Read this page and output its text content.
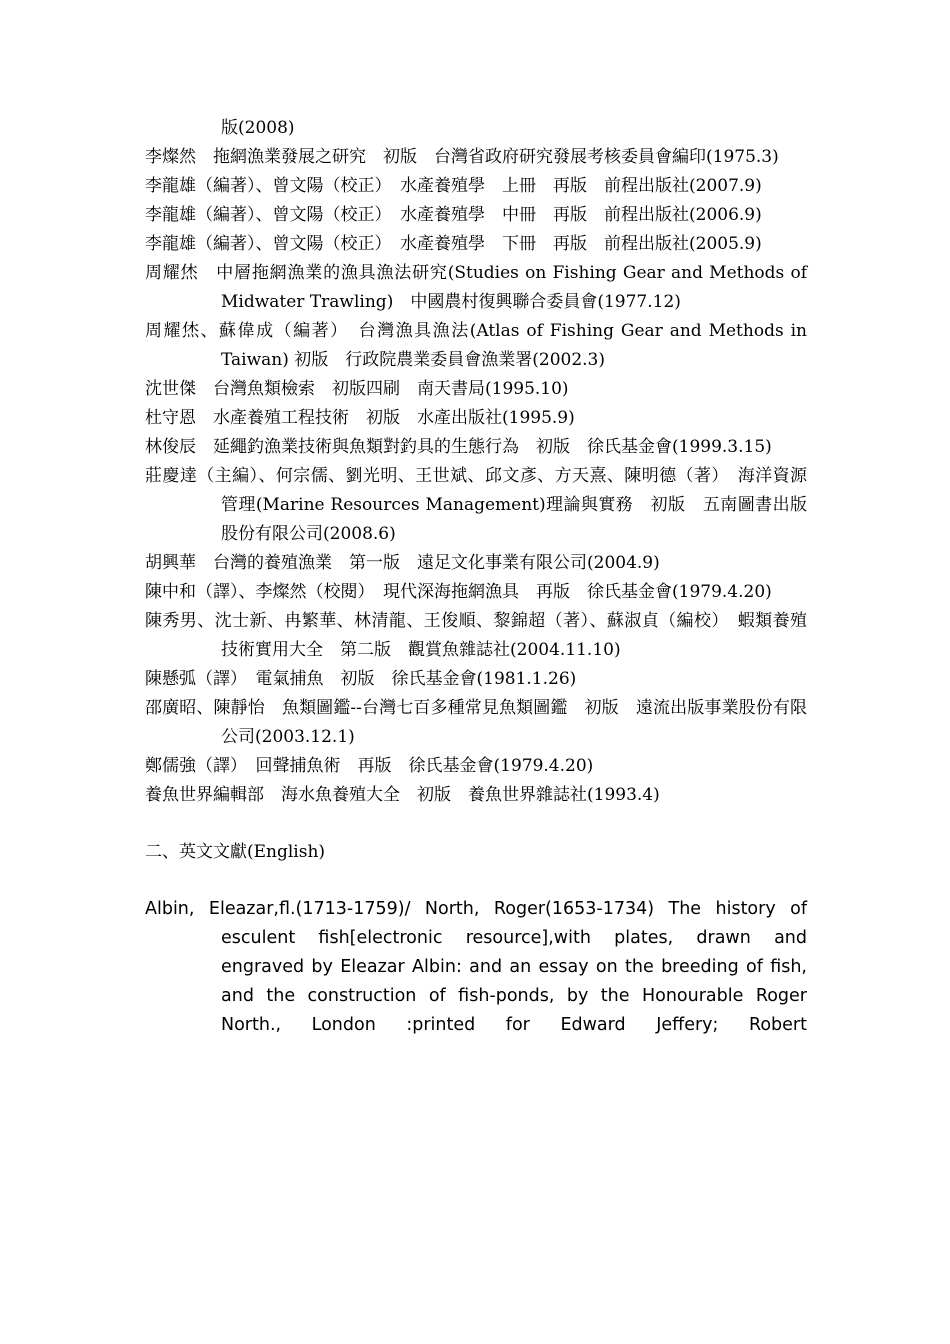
版(2008)

李燦然　拖網漁業發展之研究　初版　台灣省政府研究發展考核委員會編印(1975.3)

李龍雄（編著）、曾文陽（校正）　水產養殖學　上冊　再版　前程出版社(2007.9)

李龍雄（編著）、曾文陽（校正）　水產養殖學　中冊　再版　前程出版社(2006.9)

李龍雄（編著）、曾文陽（校正）　水產養殖學　下冊　再版　前程出版社(2005.9)

周耀烋　中層拖網漁業的漁具漁法研究(Studies on Fishing Gear and Methods of Midwater Trawling)　中國農村復興聯合委員會(1977.12)

周耀烋、蘇偉成（編著）　台灣漁具漁法(Atlas of Fishing Gear and Methods in Taiwan) 初版　行政院農業委員會漁業署(2002.3)

沈世傑　台灣魚類檢索　初版四刷　南天書局(1995.10)

杜守恩　水產養殖工程技術　初版　水產出版社(1995.9)

林俊辰　延繩釣漁業技術與魚類對釣具的生態行為　初版　徐氏基金會(1999.3.15)

莊慶達（主編）、何宗儒、劉光明、王世斌、邱文彥、方天熹、陳明德（著）　海洋資源管理(Marine Resources Management)理論與實務　初版　五南圖書出版股份有限公司(2008.6)

胡興華　台灣的養殖漁業　第一版　遠足文化事業有限公司(2004.9)

陳中和（譯）、李燦然（校閱）　現代深海拖網漁具　再版　徐氏基金會(1979.4.20)

陳秀男、沈士新、冉繁華、林清龍、王俊順、黎錦超（著）、蘇淑貞（編校）　蝦類養殖技術實用大全　第二版　觀賞魚雜誌社(2004.11.10)

陳懸弧（譯）　電氣捕魚　初版　徐氏基金會(1981.1.26)

邵廣昭、陳靜怡　魚類圖鑑--台灣七百多種常見魚類圖鑑　初版　遠流出版事業股份有限公司(2003.12.1)

鄭儒強（譯）　回聲捕魚術　再版　徐氏基金會(1979.4.20)

養魚世界編輯部　海水魚養殖大全　初版　養魚世界雜誌社(1993.4)

二、英文文獻(English)

Albin, Eleazar,fl.(1713-1759)/ North, Roger(1653-1734) The history of esculent fish[electronic resource],with plates, drawn and engraved by Eleazar Albin: and an essay on the breeding of fish, and the construction of fish-ponds, by the Honourable Roger North., London :printed for Edward Jeffery; Robert
